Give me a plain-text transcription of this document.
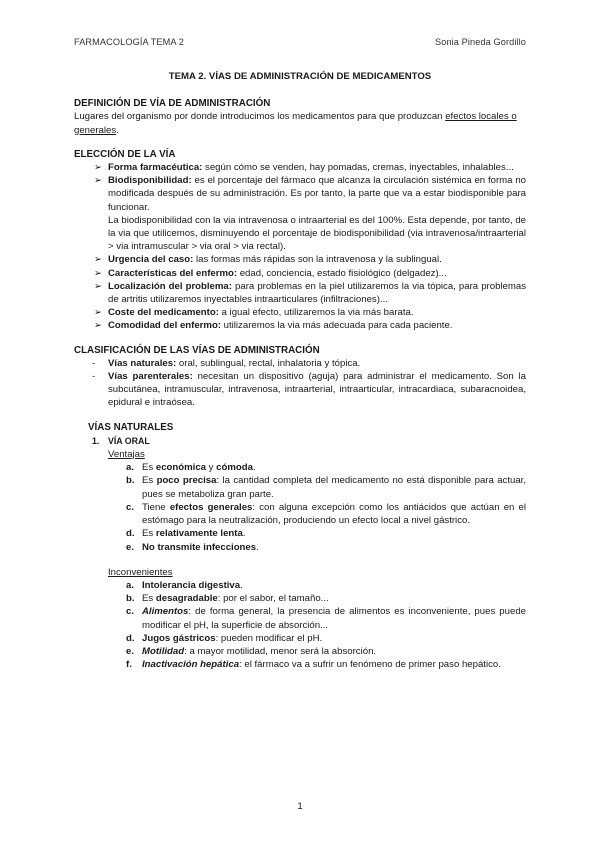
FARMACOLOGÍA TEMA 2	Sonia Pineda Gordillo
TEMA 2. VÍAS DE ADMINISTRACIÓN DE MEDICAMENTOS
DEFINICIÓN DE VÍA DE ADMINISTRACIÓN

Lugares del organismo por donde introducimos los medicamentos para que produzcan efectos locales o generales.

ELECCIÓN DE LA VÍA
➢ Forma farmacéutica: según cómo se venden, hay pomadas, cremas, inyectables, inhalables...
➢ Biodisponibilidad: es el porcentaje del fármaco que alcanza la circulación sistémica en forma no modificada después de su administración. Es por tanto, la parte que va a estar biodisponible para funcionar.
La biodisponibilidad con la via intravenosa o intraarterial es del 100%. Esta depende, por tanto, de la via que utilicemos, disminuyendo el porcentaje de biodisponibilidad (via intravenosa/intraarterial > via intramuscular > via oral > via rectal).
➢ Urgencia del caso: las formas más rápidas son la intravenosa y la sublingual.
➢ Características del enfermo: edad, conciencia, estado fisiológico (delgadez)...
➢ Localización del problema: para problemas en la piel utilizaremos la via tópica, para problemas de artritis utilizaremos inyectables intraarticulares (infiltraciones)...
➢ Coste del medicamento: a igual efecto, utilizaremos la via más barata.
➢ Comodidad del enfermo: utilizaremos la via más adecuada para cada paciente.
CLASIFICACIÓN DE LAS VÍAS DE ADMINISTRACIÓN
- Vías naturales: oral, sublingual, rectal, inhalatoria y tópica.
- Vías parenterales: necesitan un dispositivo (aguja) para administrar el medicamento. Son la subcutánea, intramuscular, intravenosa, intraarterial, intraarticular, intracardiaca, subaracnoidea, epidural e intraósea.
VÍAS NATURALES
1. VÍA ORAL
Ventajas
a. Es económica y cómoda.
b. Es poco precisa: la cantidad completa del medicamento no está disponible para actuar, pues se metaboliza gran parte.
c. Tiene efectos generales: con alguna excepción como los antiácidos que actúan en el estómago para la neutralización, produciendo un efecto local a nivel gástrico.
d. Es relativamente lenta.
e. No transmite infecciones.
Inconvenientes
a. Intolerancia digestiva.
b. Es desagradable: por el sabor, el tamaño...
c. Alimentos: de forma general, la presencia de alimentos es inconveniente, pues puede modificar el pH, la superficie de absorción...
d. Jugos gástricos: pueden modificar el pH.
e. Motilidad: a mayor motilidad, menor será la absorción.
f. Inactivación hepática: el fármaco va a sufrir un fenómeno de primer paso hepático.
1
